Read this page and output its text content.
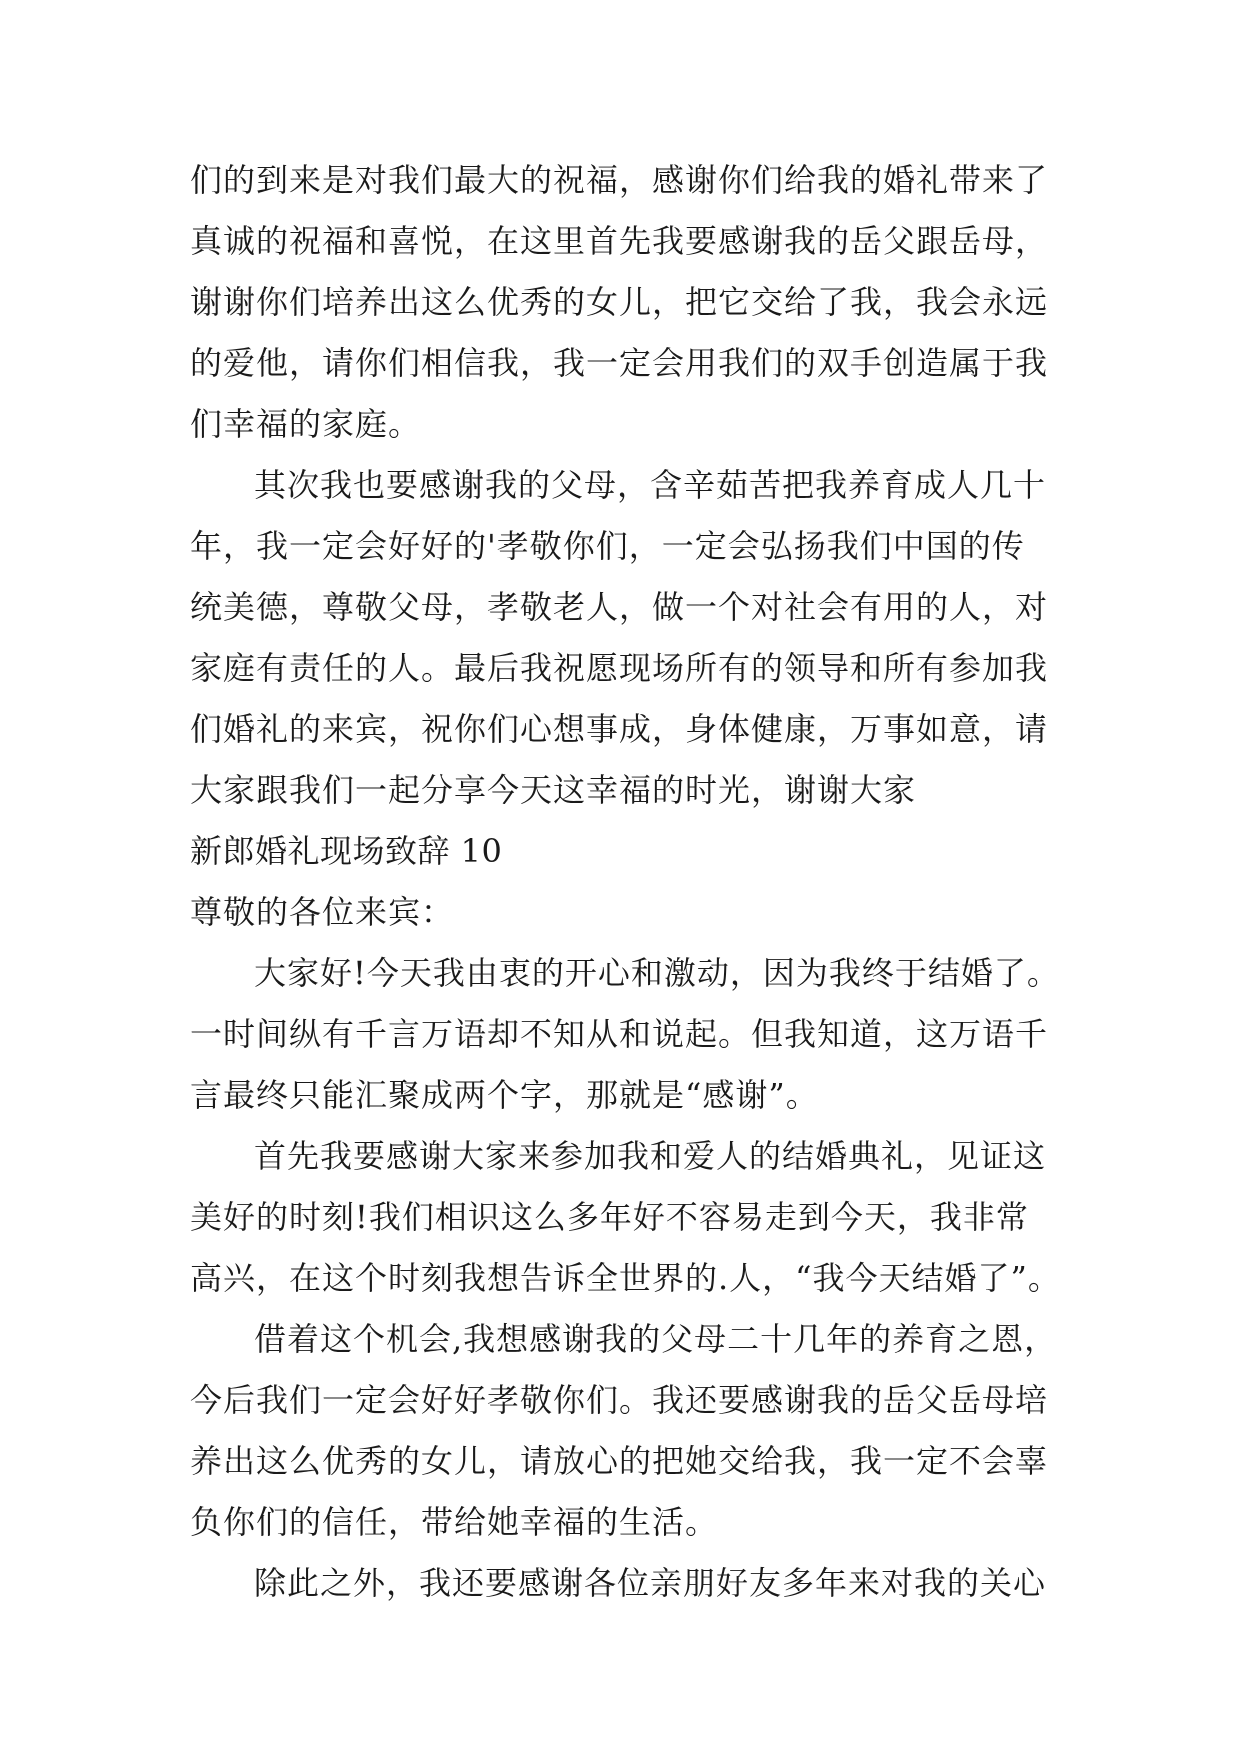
们的到来是对我们最大的祝福，感谢你们给我的婚礼带来了
真诚的祝福和喜悦，在这里首先我要感谢我的岳父跟岳母，
谢谢你们培养出这么优秀的女儿，把它交给了我，我会永远
的爱他，请你们相信我，我一定会用我们的双手创造属于我
们幸福的家庭。
其次我也要感谢我的父母，含辛茹苦把我养育成人几十
年，我一定会好好的'孝敬你们，一定会弘扬我们中国的传
统美德，尊敬父母，孝敬老人，做一个对社会有用的人，对
家庭有责任的人。最后我祝愿现场所有的领导和所有参加我
们婚礼的来宾，祝你们心想事成，身体健康，万事如意，请
大家跟我们一起分享今天这幸福的时光，谢谢大家
新郎婚礼现场致辞 10
尊敬的各位来宾：
大家好!今天我由衷的开心和激动，因为我终于结婚了。
一时间纵有千言万语却不知从和说起。但我知道，这万语千
言最终只能汇聚成两个字，那就是“感谢”。
首先我要感谢大家来参加我和爱人的结婚典礼，见证这
美好的时刻!我们相识这么多年好不容易走到今天，我非常
高兴，在这个时刻我想告诉全世界的.人，“我今天结婚了”。
借着这个机会,我想感谢我的父母二十几年的养育之恩，
今后我们一定会好好孝敬你们。我还要感谢我的岳父岳母培
养出这么优秀的女儿，请放心的把她交给我，我一定不会辜
负你们的信任，带给她幸福的生活。
除此之外，我还要感谢各位亲朋好友多年来对我的关心
